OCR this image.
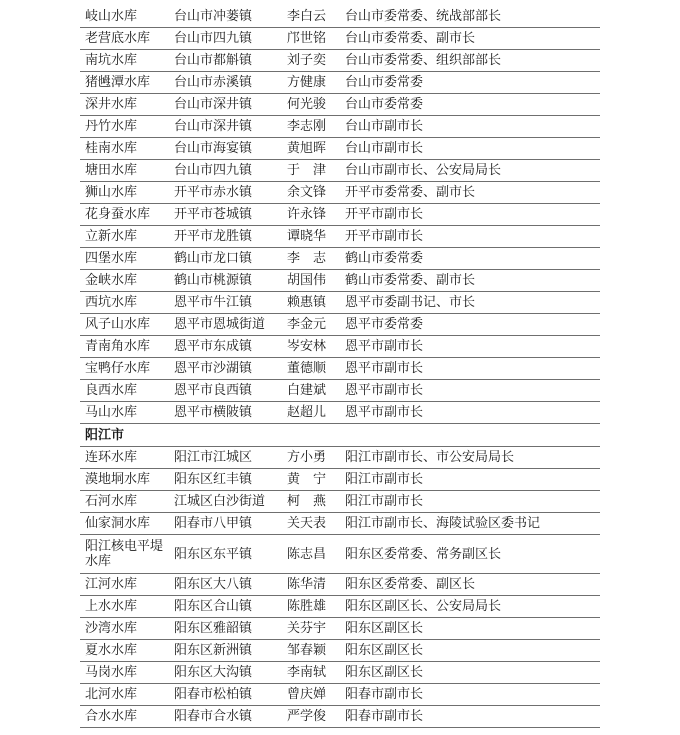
岐山水库	台山市冲蒌镇	李白云	台山市委常委、统战部部长
老营底水库	台山市四九镇	邝世铭	台山市委常委、副市长
南坑水库	台山市都斛镇	刘子奕	台山市委常委、组织部部长
猪乸潭水库	台山市赤溪镇	方健康	台山市委常委
深井水库	台山市深井镇	何光骏	台山市委常委
丹竹水库	台山市深井镇	李志刚	台山市副市长
桂南水库	台山市海宴镇	黄旭晖	台山市副市长
塘田水库	台山市四九镇	于　津	台山市副市长、公安局局长
狮山水库	开平市赤水镇	余文锋	开平市委常委、副市长
花身蚕水库	开平市苍城镇	许永锋	开平市副市长
立新水库	开平市龙胜镇	谭晓华	开平市副市长
四堡水库	鹤山市龙口镇	李　志	鹤山市委常委
金峡水库	鹤山市桃源镇	胡国伟	鹤山市委常委、副市长
西坑水库	恩平市牛江镇	赖惠镇	恩平市委副书记、市长
风子山水库	恩平市恩城街道	李金元	恩平市委常委
青南角水库	恩平市东成镇	岑安林	恩平市副市长
宝鸭仔水库	恩平市沙湖镇	董德顺	恩平市副市长
良西水库	恩平市良西镇	白建斌	恩平市副市长
马山水库	恩平市横陂镇	赵超儿	恩平市副市长
阳江市			
连环水库	阳江市江城区	方小勇	阳江市副市长、市公安局局长
漠地垌水库	阳东区红丰镇	黄　宁	阳江市副市长
石河水库	江城区白沙街道	柯　燕	阳江市副市长
仙家洞水库	阳春市八甲镇	关天表	阳江市副市长、海陵试验区委书记
阳江核电平堤水库	阳东区东平镇	陈志昌	阳东区委常委、常务副区长
江河水库	阳东区大八镇	陈华清	阳东区委常委、副区长
上水水库	阳东区合山镇	陈胜雄	阳东区副区长、公安局局长
沙湾水库	阳东区雅韶镇	关芬宇	阳东区副区长
夏水水库	阳东区新洲镇	邹春颖	阳东区副区长
马岗水库	阳东区大沟镇	李南轼	阳东区副区长
北河水库	阳春市松柏镇	曾庆婵	阳春市副市长
合水水库	阳春市合水镇	严学俊	阳春市副市长
